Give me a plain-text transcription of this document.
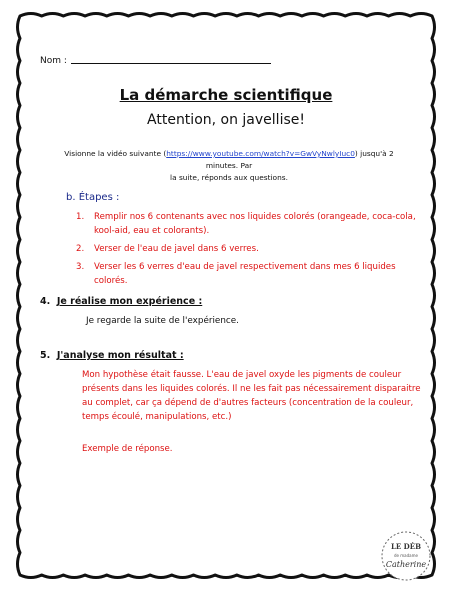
Nom :
La démarche scientifique
Attention, on javellise!
Visionne la vidéo suivante (https://www.youtube.com/watch?v=GwVyNwlyIuc0) jusqu'à 2 minutes. Par
la suite, réponds aux questions.
b. Étapes :
1. Remplir nos 6 contenants avec nos liquides colorés (orangeade, coca-cola, kool-aid, eau et colorants).
2. Verser de l'eau de javel dans 6 verres.
3. Verser les 6 verres d'eau de javel respectivement dans mes 6 liquides colorés.
4. Je réalise mon expérience :
Je regarde la suite de l'expérience.
5. J'analyse mon résultat :
Mon hypothèse était fausse. L'eau de javel oxyde les pigments de couleur présents dans les liquides colorés. Il ne les fait pas nécessairement disparaitre au complet, car ça dépend de d'autres facteurs (concentration de la couleur, temps écoulé, manipulations, etc.)
Exemple de réponse.
LE DÉB
de madame
Catherine
